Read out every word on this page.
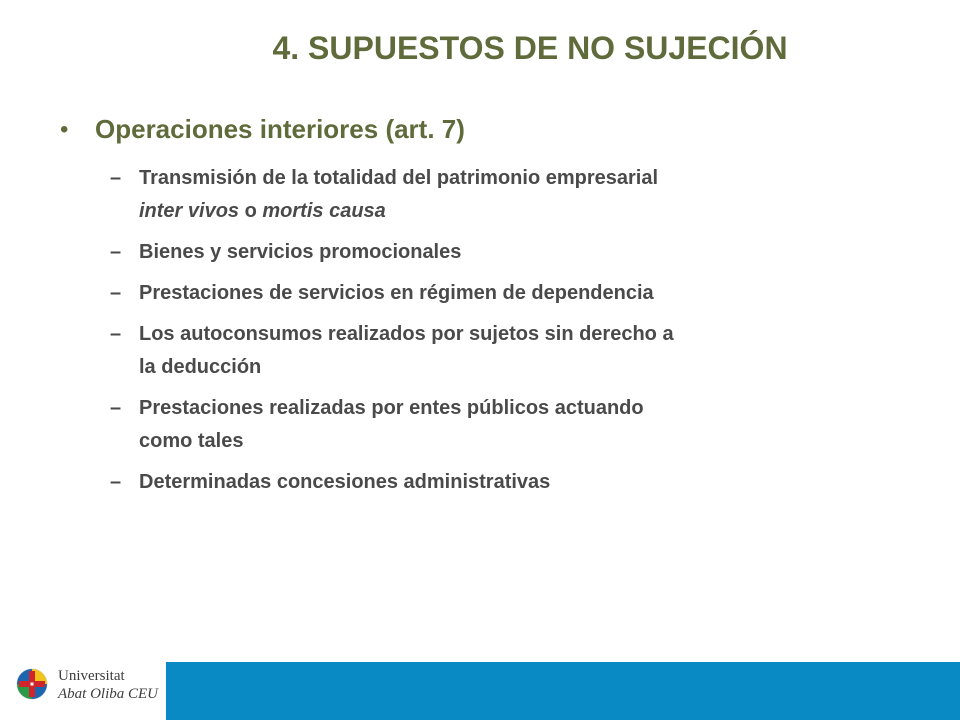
4. SUPUESTOS DE NO SUJECIÓN
• Operaciones interiores (art. 7)
– Transmisión de la totalidad del patrimonio empresarial
inter vivos o mortis causa
– Bienes y servicios promocionales
– Prestaciones de servicios en régimen de dependencia
– Los autoconsumos realizados por sujetos sin derecho a
la deducción
– Prestaciones realizadas por entes públicos actuando
como tales
– Determinadas concesiones administrativas
Universitat
Abat Oliba CEU
